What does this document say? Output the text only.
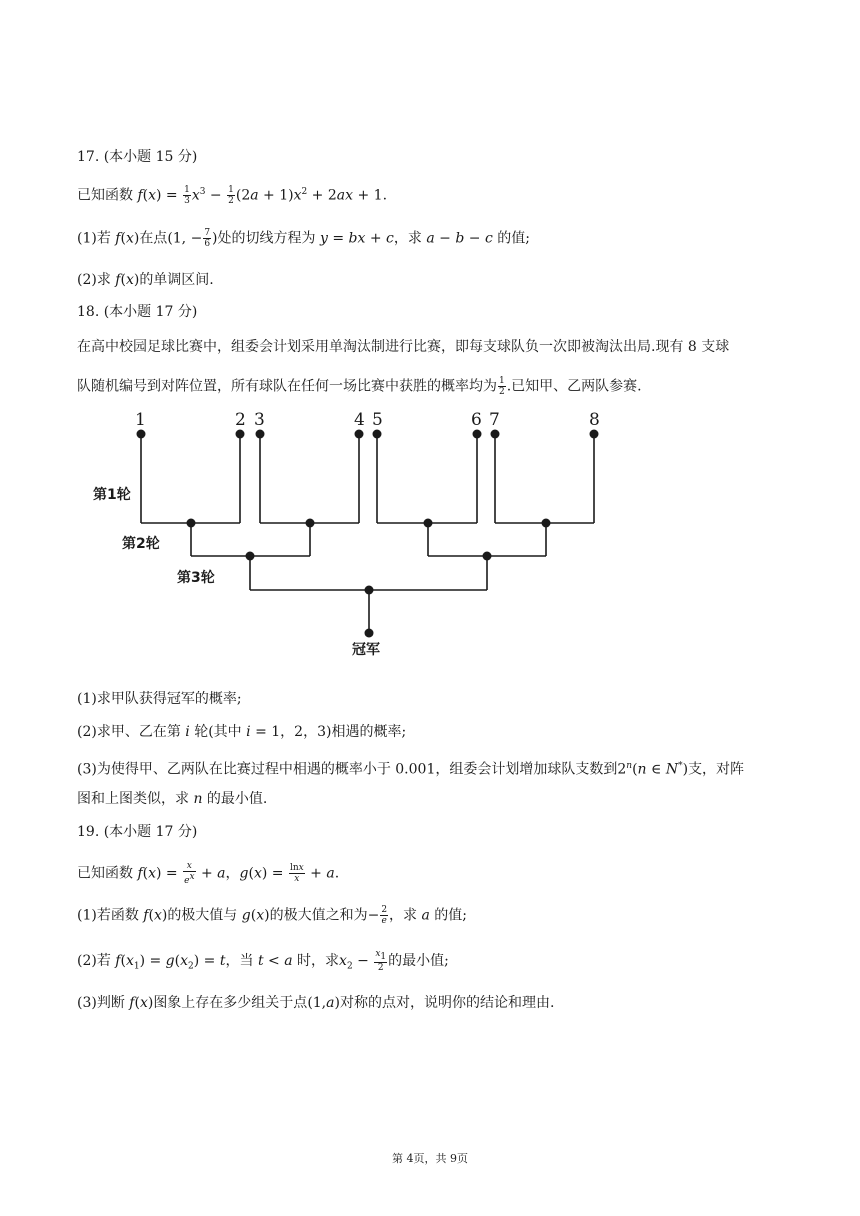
17. (本小题 15 分)
已知函数 $f(x) = \frac{1}{3} x^3 - \frac{1}{2} (2a + 1)x^2 + 2ax + 1$.
(1)若 f(x)在点(1, − $\frac{7}{6}$ )处的切线方程为 y = bx + c，求 a − b − c 的值;
(2)求 f(x)的单调区间.
18. (本小题 17 分)
在高中校园足球比赛中，组委会计划采用单淘汰制进行比赛，即每支球队负一次即被淘汰出局.现有 8 支球
队随机编号到对阵位置，所有球队在任何一场比赛中获胜的概率均为 $\frac{1}{2}$ .已知甲、乙两队参赛.
1	2 3	4 5	6 7	8
第1轮
第2轮
第3轮
冠军
(1)求甲队获得冠军的概率;
(2)求甲、乙在第 i 轮(其中 i = 1，2，3)相遇的概率;
(3)为使得甲、乙两队在比赛过程中相遇的概率小于 0.001，组委会计划增加球队支数到2$^n$(n ∈ N*)支，对阵
图和上图类似，求 n 的最小值.
19. (本小题 17 分)
已知函数 $f(x) = \frac{x}{e^x} + a$，$g(x) = \frac{\ln x}{x} + a$.
(1)若函数 f(x)的极大值与 g(x)的极大值之和为− $\frac{2}{e}$ ，求 a 的值;
(2)若 $f(x_1) = g(x_2) = t$，当 t < a 时，求$x_2 - \frac{x_1}{2}$ 的最小值;
(3)判断 f(x)图象上存在多少组关于点(1,a)对称的点对，说明你的结论和理由.
第 4页，共 9页
